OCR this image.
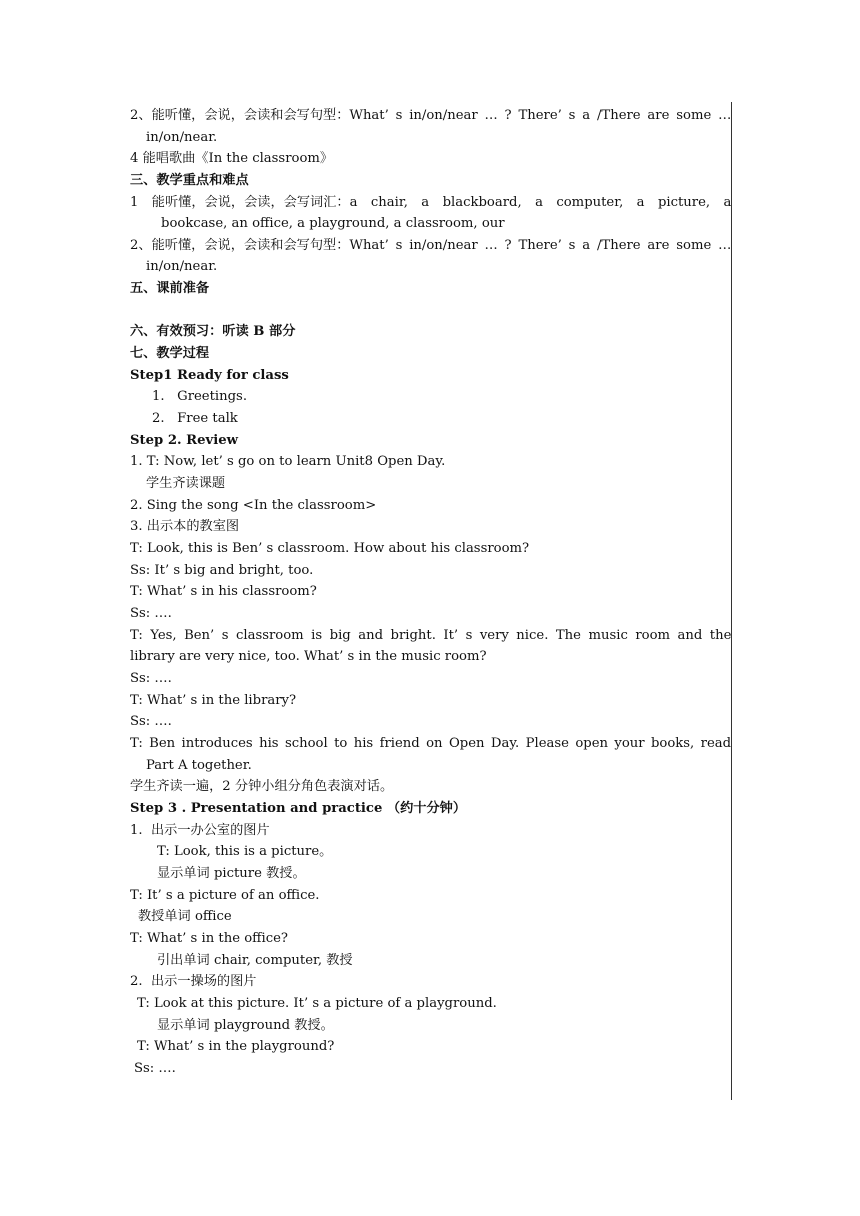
2、能听懂，会说，会读和会写句型：What’ s in/on/near … ? There’ s a /There are some …
in/on/near.
4 能唱歌曲《In the classroom》
三、教学重点和难点
1 能听懂，会说，会读，会写词汇：a chair, a blackboard, a computer, a picture, a
bookcase, an office, a playground, a classroom, our
2、能听懂，会说，会读和会写句型：What’ s in/on/near … ? There’ s a /There are some …
in/on/near.
五、课前准备
六、有效预习：听读 B 部分
七、教学过程
Step1 Ready for class
1.   Greetings.
2.   Free talk
Step 2. Review
1. T: Now, let’ s go on to learn Unit8 Open Day.
学生齐读课题
2. Sing the song <In the classroom>
3. 出示本的教室图
T: Look, this is Ben’ s classroom. How about his classroom?
Ss: It’ s big and bright, too.
T: What’ s in his classroom?
Ss: ….
T: Yes, Ben’ s classroom is big and bright. It’ s very nice. The music room and the
library are very nice, too. What’ s in the music room?
Ss: ….
T: What’ s in the library?
Ss: ….
T: Ben introduces his school to his friend on Open Day. Please open your books, read
Part A together.
学生齐读一遍，2 分钟小组分角色表演对话。
Step 3 . Presentation and practice （约十分钟）
1.  出示一办公室的图片
T: Look, this is a picture。
显示单词 picture 教授。
T: It’ s a picture of an office.
教授单词 office
T: What’ s in the office?
引出单词 chair, computer, 教授
2.  出示一操场的图片
T: Look at this picture. It’ s a picture of a playground.
显示单词 playground 教授。
T: What’ s in the playground?
Ss: ….
